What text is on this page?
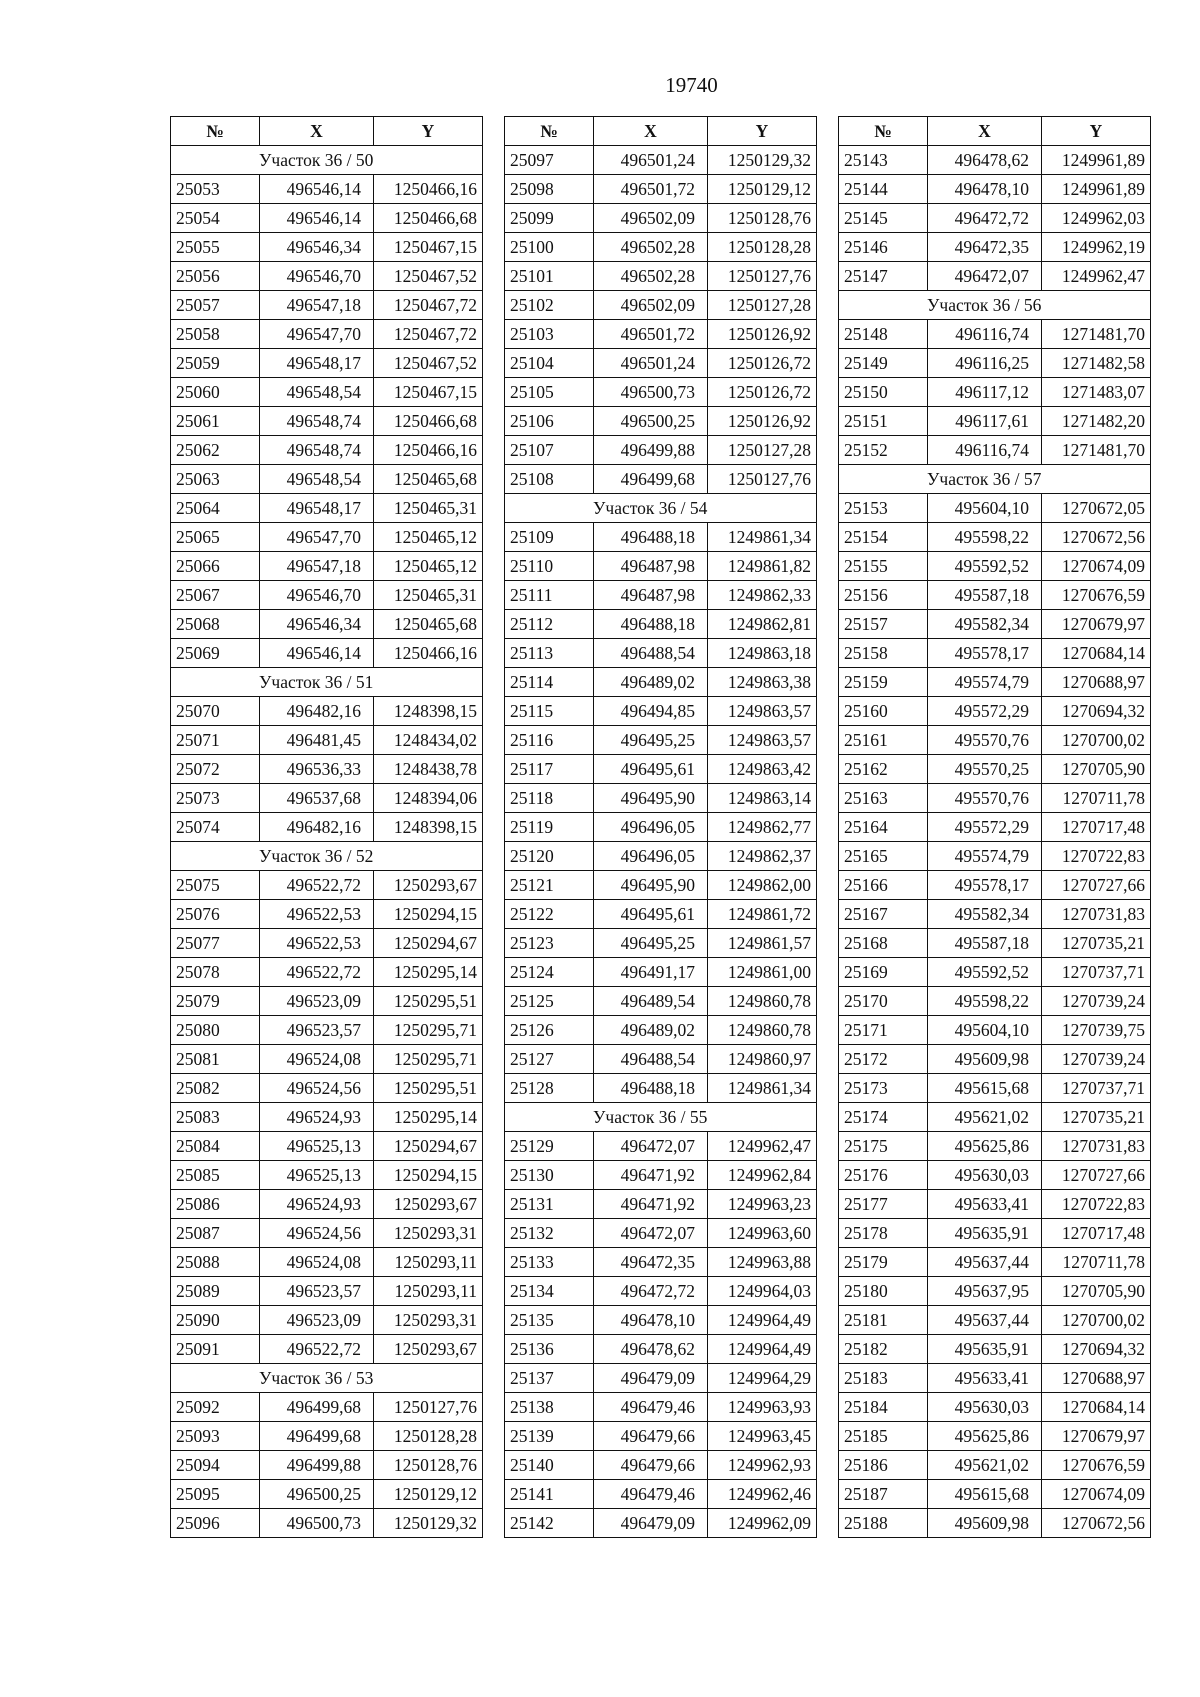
19740
№	X	Y
Участок 36 / 50		
25053	496546,14	1250466,16
25054	496546,14	1250466,68
25055	496546,34	1250467,15
25056	496546,70	1250467,52
25057	496547,18	1250467,72
25058	496547,70	1250467,72
25059	496548,17	1250467,52
25060	496548,54	1250467,15
25061	496548,74	1250466,68
25062	496548,74	1250466,16
25063	496548,54	1250465,68
25064	496548,17	1250465,31
25065	496547,70	1250465,12
25066	496547,18	1250465,12
25067	496546,70	1250465,31
25068	496546,34	1250465,68
25069	496546,14	1250466,16
Участок 36 / 51		
25070	496482,16	1248398,15
25071	496481,45	1248434,02
25072	496536,33	1248438,78
25073	496537,68	1248394,06
25074	496482,16	1248398,15
Участок 36 / 52		
25075	496522,72	1250293,67
25076	496522,53	1250294,15
25077	496522,53	1250294,67
25078	496522,72	1250295,14
25079	496523,09	1250295,51
25080	496523,57	1250295,71
25081	496524,08	1250295,71
25082	496524,56	1250295,51
25083	496524,93	1250295,14
25084	496525,13	1250294,67
25085	496525,13	1250294,15
25086	496524,93	1250293,67
25087	496524,56	1250293,31
25088	496524,08	1250293,11
25089	496523,57	1250293,11
25090	496523,09	1250293,31
25091	496522,72	1250293,67
Участок 36 / 53		
25092	496499,68	1250127,76
25093	496499,68	1250128,28
25094	496499,88	1250128,76
25095	496500,25	1250129,12
25096	496500,73	1250129,32
№	X	Y
25097	496501,24	1250129,32
25098	496501,72	1250129,12
25099	496502,09	1250128,76
25100	496502,28	1250128,28
25101	496502,28	1250127,76
25102	496502,09	1250127,28
25103	496501,72	1250126,92
25104	496501,24	1250126,72
25105	496500,73	1250126,72
25106	496500,25	1250126,92
25107	496499,88	1250127,28
25108	496499,68	1250127,76
Участок 36 / 54		
25109	496488,18	1249861,34
25110	496487,98	1249861,82
25111	496487,98	1249862,33
25112	496488,18	1249862,81
25113	496488,54	1249863,18
25114	496489,02	1249863,38
25115	496494,85	1249863,57
25116	496495,25	1249863,57
25117	496495,61	1249863,42
25118	496495,90	1249863,14
25119	496496,05	1249862,77
25120	496496,05	1249862,37
25121	496495,90	1249862,00
25122	496495,61	1249861,72
25123	496495,25	1249861,57
25124	496491,17	1249861,00
25125	496489,54	1249860,78
25126	496489,02	1249860,78
25127	496488,54	1249860,97
25128	496488,18	1249861,34
Участок 36 / 55		
25129	496472,07	1249962,47
25130	496471,92	1249962,84
25131	496471,92	1249963,23
25132	496472,07	1249963,60
25133	496472,35	1249963,88
25134	496472,72	1249964,03
25135	496478,10	1249964,49
25136	496478,62	1249964,49
25137	496479,09	1249964,29
25138	496479,46	1249963,93
25139	496479,66	1249963,45
25140	496479,66	1249962,93
25141	496479,46	1249962,46
25142	496479,09	1249962,09
№	X	Y
25143	496478,62	1249961,89
25144	496478,10	1249961,89
25145	496472,72	1249962,03
25146	496472,35	1249962,19
25147	496472,07	1249962,47
Участок 36 / 56		
25148	496116,74	1271481,70
25149	496116,25	1271482,58
25150	496117,12	1271483,07
25151	496117,61	1271482,20
25152	496116,74	1271481,70
Участок 36 / 57		
25153	495604,10	1270672,05
25154	495598,22	1270672,56
25155	495592,52	1270674,09
25156	495587,18	1270676,59
25157	495582,34	1270679,97
25158	495578,17	1270684,14
25159	495574,79	1270688,97
25160	495572,29	1270694,32
25161	495570,76	1270700,02
25162	495570,25	1270705,90
25163	495570,76	1270711,78
25164	495572,29	1270717,48
25165	495574,79	1270722,83
25166	495578,17	1270727,66
25167	495582,34	1270731,83
25168	495587,18	1270735,21
25169	495592,52	1270737,71
25170	495598,22	1270739,24
25171	495604,10	1270739,75
25172	495609,98	1270739,24
25173	495615,68	1270737,71
25174	495621,02	1270735,21
25175	495625,86	1270731,83
25176	495630,03	1270727,66
25177	495633,41	1270722,83
25178	495635,91	1270717,48
25179	495637,44	1270711,78
25180	495637,95	1270705,90
25181	495637,44	1270700,02
25182	495635,91	1270694,32
25183	495633,41	1270688,97
25184	495630,03	1270684,14
25185	495625,86	1270679,97
25186	495621,02	1270676,59
25187	495615,68	1270674,09
25188	495609,98	1270672,56
